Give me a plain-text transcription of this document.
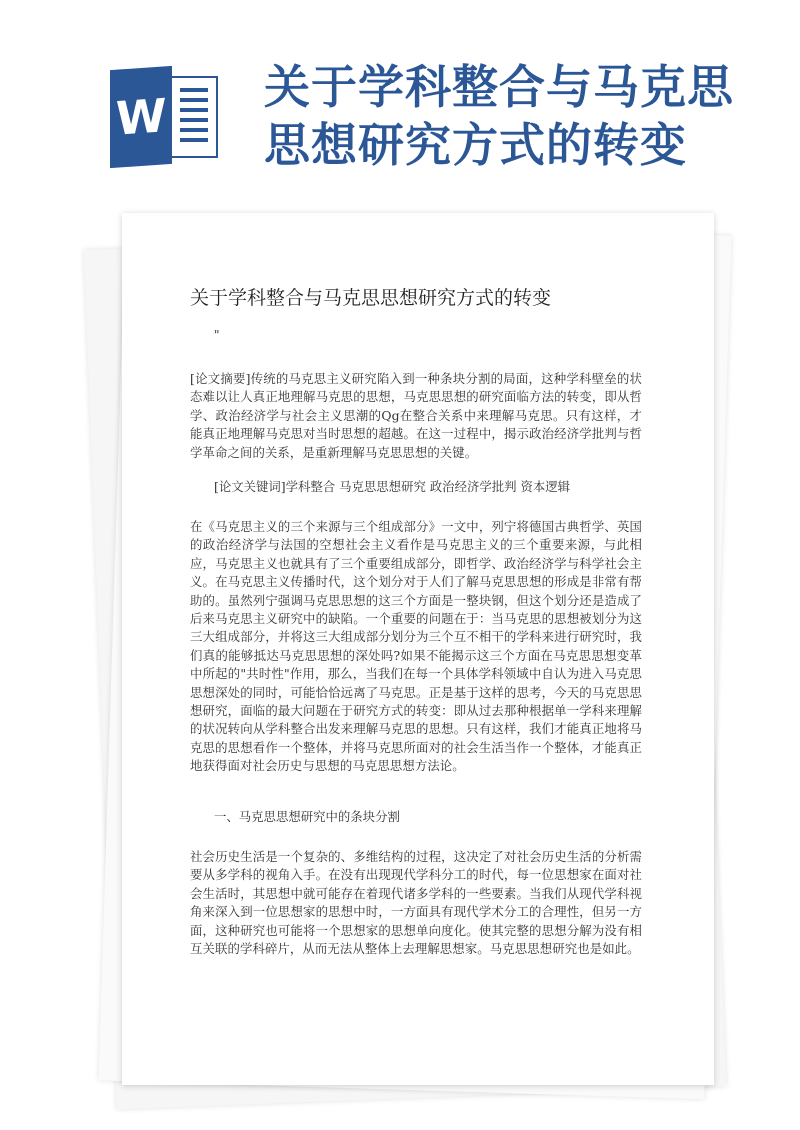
W
关于学科整合与马克思思想研究方式的转变
关于学科整合与马克思思想研究方式的转变
"
[论文摘要]传统的马克思主义研究陷入到一种条块分割的局面，这种学科壁垒的状态难以让人真正地理解马克思的思想，马克思思想的研究面临方法的转变，即从哲学、政治经济学与社会主义思潮的Qg在整合关系中来理解马克思。只有这样，才能真正地理解马克思对当时思想的超越。在这一过程中，揭示政治经济学批判与哲学革命之间的关系，是重新理解马克思思想的关键。
[论文关键词]学科整合 马克思思想研究 政治经济学批判 资本逻辑
在《马克思主义的三个来源与三个组成部分》一文中，列宁将德国古典哲学、英国的政治经济学与法国的空想社会主义看作是马克思主义的三个重要来源，与此相应，马克思主义也就具有了三个重要组成部分，即哲学、政治经济学与科学社会主义。在马克思主义传播时代，这个划分对于人们了解马克思思想的形成是非常有帮助的。虽然列宁强调马克思思想的这三个方面是一整块钢，但这个划分还是造成了后来马克思主义研究中的缺陷。一个重要的问题在于：当马克思的思想被划分为这三大组成部分，并将这三大组成部分划分为三个互不相干的学科来进行研究时，我们真的能够抵达马克思思想的深处吗?如果不能揭示这三个方面在马克思思想变革中所起的"共时性"作用，那么，当我们在每一个具体学科领域中自认为进入马克思思想深处的同时，可能恰恰远离了马克思。正是基于这样的思考，今天的马克思思想研究，面临的最大问题在于研究方式的转变：即从过去那种根据单一学科来理解的状况转向从学科整合出发来理解马克思的思想。只有这样，我们才能真正地将马克思的思想看作一个整体，并将马克思所面对的社会生活当作一个整体，才能真正地获得面对社会历史与思想的马克思思想方法论。
一、马克思思想研究中的条块分割
社会历史生活是一个复杂的、多维结构的过程，这决定了对社会历史生活的分析需要从多学科的视角入手。在没有出现现代学科分工的时代，每一位思想家在面对社会生活时，其思想中就可能存在着现代诸多学科的一些要素。当我们从现代学科视角来深入到一位思想家的思想中时，一方面具有现代学术分工的合理性，但另一方面，这种研究也可能将一个思想家的思想单向度化。使其完整的思想分解为没有相互关联的学科碎片，从而无法从整体上去理解思想家。马克思思想研究也是如此。
